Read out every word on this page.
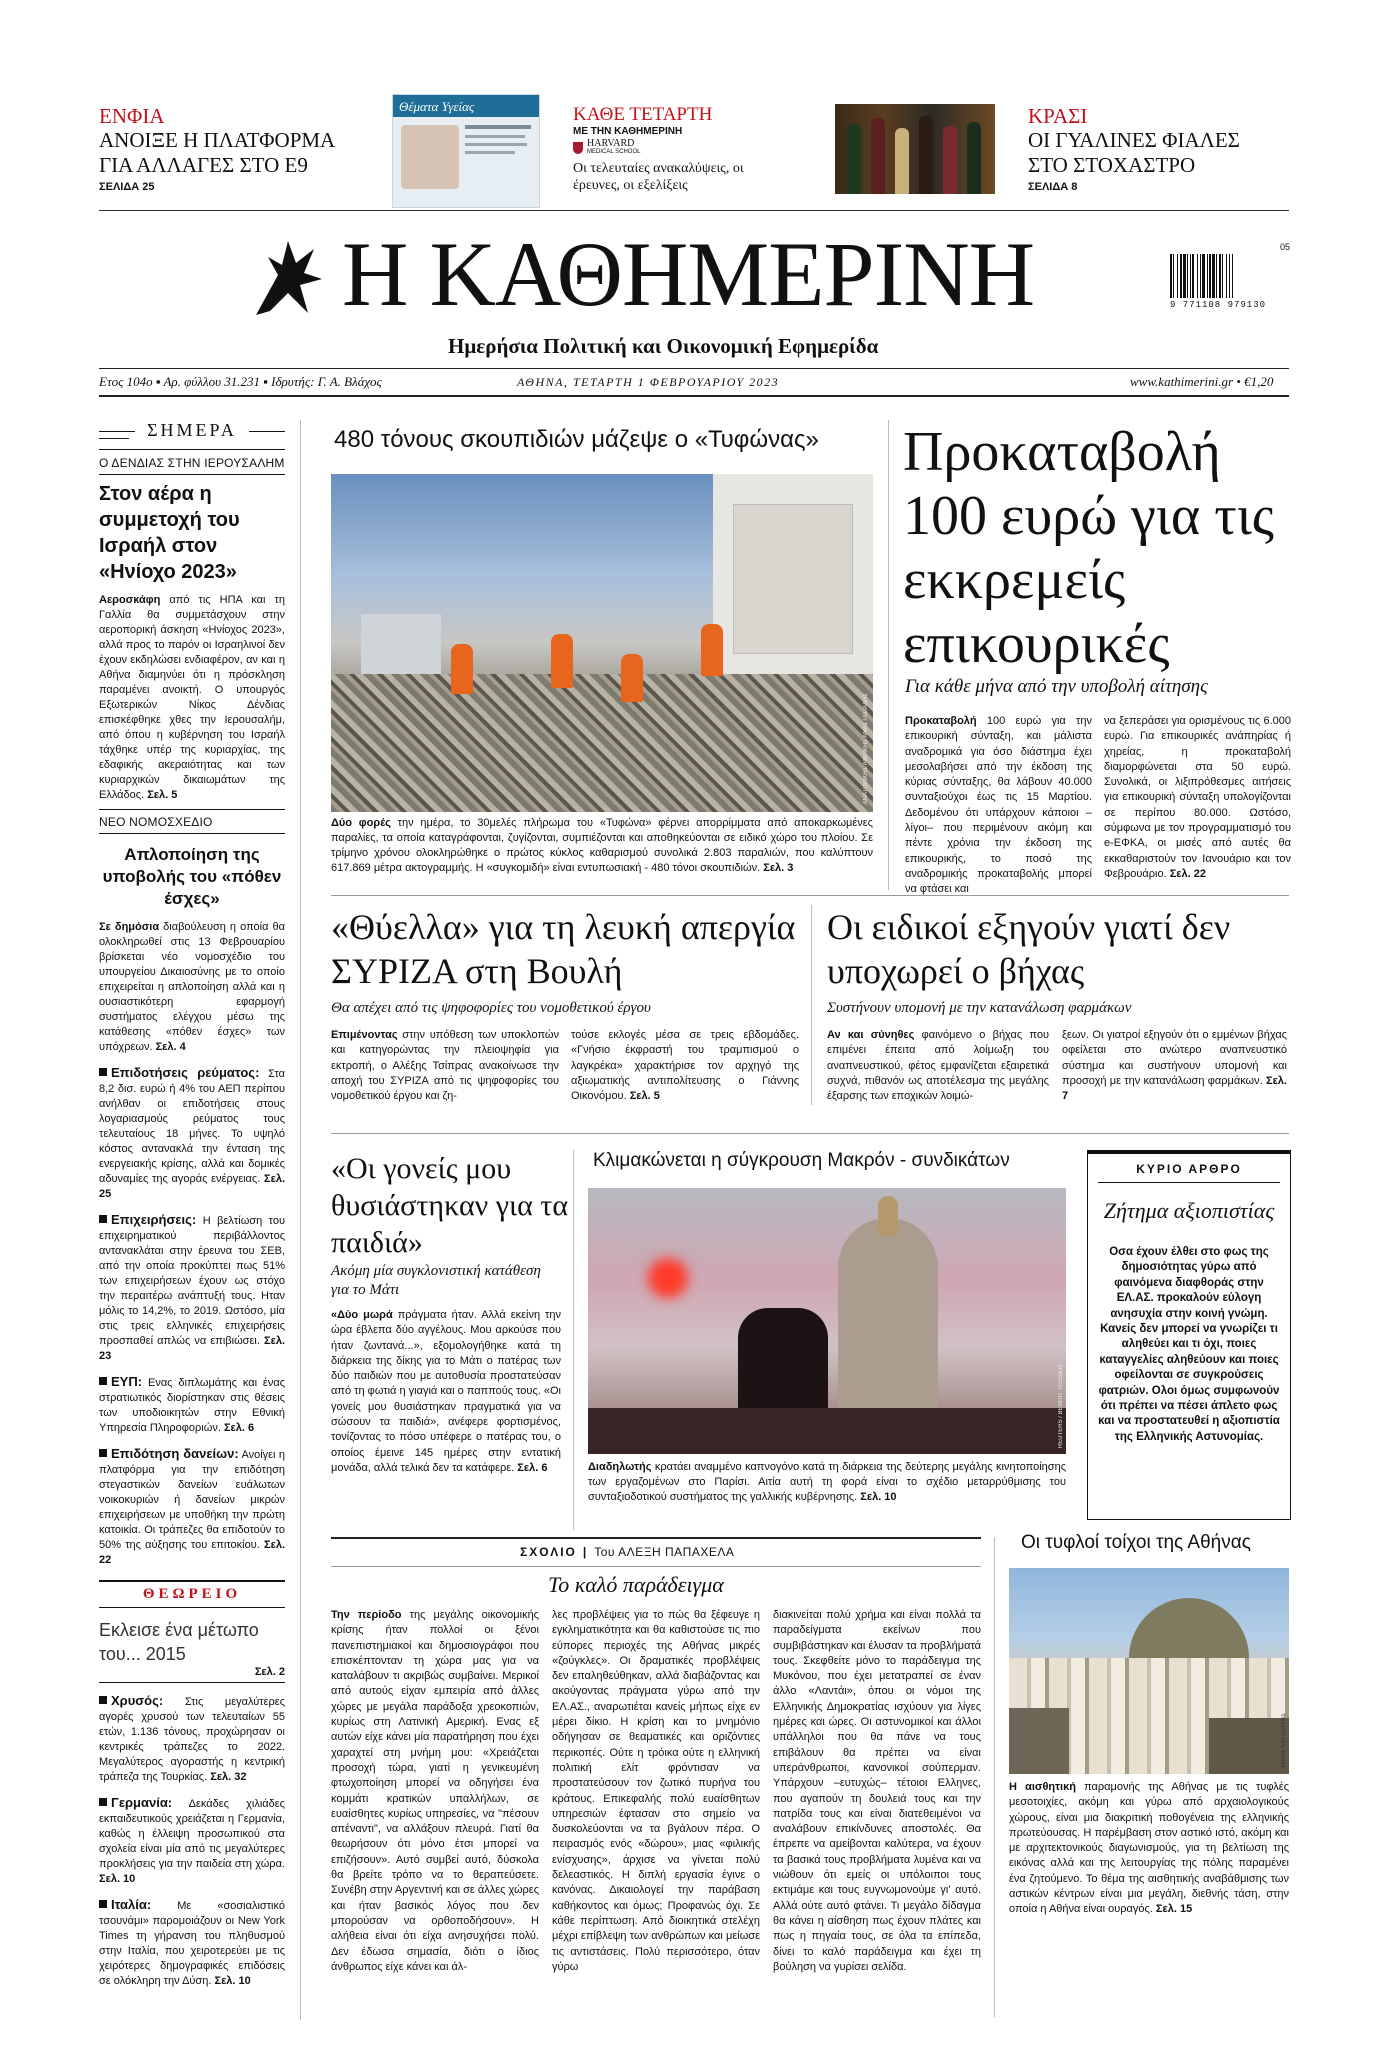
ΕΝΦΙΑ
ΑΝΟΙΞΕ Η ΠΛΑΤΦΟΡΜΑ ΓΙΑ ΑΛΛΑΓΕΣ ΣΤΟ Ε9
ΣΕΛΙΔΑ 25
Θέματα Υγείας	ΚΑΘΕ ΤΕΤΑΡΤΗ
ΜΕ ΤΗΝ ΚΑΘΗΜΕΡΙΝΗ
HARVARD
MEDICAL SCHOOL
Οι τελευταίες ανακαλύψεις, οι έρευνες, οι εξελίξεις
ΚΡΑΣΙ
ΟΙ ΓΥΑΛΙΝΕΣ ΦΙΑΛΕΣ ΣΤΟ ΣΤΟΧΑΣΤΡΟ
ΣΕΛΙΔΑ 8
Η ΚΑΘΗΜΕΡΙΝΗ
Ημερήσια Πολιτική και Οικονομική Εφημερίδα
05
9 771108 979130
Ετος 104ο ▪ Αρ. φύλλου 31.231 ▪ Ιδρυτής: Γ. Α. Βλάχος	ΑΘΗΝΑ, ΤΕΤΑΡΤΗ 1 ΦΕΒΡΟΥΑΡΙΟΥ 2023	www.kathimerini.gr • €1,20
ΣΗΜΕΡΑ
Ο ΔΕΝΔΙΑΣ ΣΤΗΝ ΙΕΡΟΥΣΑΛΗΜ
Στον αέρα η συμμετοχή του Ισραήλ στον «Ηνίοχο 2023»
Αεροσκάφη από τις ΗΠΑ και τη Γαλλία θα συμμετάσχουν στην αεροπορική άσκηση «Ηνίοχος 2023», αλλά προς το παρόν οι Ισραηλινοί δεν έχουν εκδηλώσει ενδιαφέρον, αν και η Αθήνα διαμηνύει ότι η πρόσκληση παραμένει ανοικτή. Ο υπουργός Εξωτερικών Νίκος Δένδιας επισκέφθηκε χθες την Ιερουσαλήμ, από όπου η κυβέρνηση του Ισραήλ τάχθηκε υπέρ της κυριαρχίας, της εδαφικής ακεραιότητας και των κυριαρχικών δικαιωμάτων της Ελλάδος. Σελ. 5
ΝΕΟ ΝΟΜΟΣΧΕΔΙΟ
Απλοποίηση της υποβολής του «πόθεν έσχες»
Σε δημόσια διαβούλευση η οποία θα ολοκληρωθεί στις 13 Φεβρουαρίου βρίσκεται νέο νομοσχέδιο του υπουργείου Δικαιοσύνης με το οποίο επιχειρείται η απλοποίηση αλλά και η ουσιαστικότερη εφαρμογή συστήματος ελέγχου μέσω της κατάθεσης «πόθεν έσχες» των υπόχρεων. Σελ. 4
Επιδοτήσεις ρεύματος: Στα 8,2 δισ. ευρώ ή 4% του ΑΕΠ περίπου ανήλθαν οι επιδοτήσεις στους λογαριασμούς ρεύματος τους τελευταίους 18 μήνες. Το υψηλό κόστος αντανακλά την ένταση της ενεργειακής κρίσης, αλλά και δομικές αδυναμίες της αγοράς ενέργειας. Σελ. 25
Επιχειρήσεις: Η βελτίωση του επιχειρηματικού περιβάλλοντος αντανακλάται στην έρευνα του ΣΕΒ, από την οποία προκύπτει πως 51% των επιχειρήσεων έχουν ως στόχο την περαιτέρω ανάπτυξή τους. Ηταν μόλις το 14,2%, το 2019. Ωστόσο, μία στις τρεις ελληνικές επιχειρήσεις προσπαθεί απλώς να επιβιώσει. Σελ. 23
ΕΥΠ: Ενας διπλωμάτης και ένας στρατιωτικός διορίστηκαν στις θέσεις των υποδιοικητών στην Εθνική Υπηρεσία Πληροφοριών. Σελ. 6
Επιδότηση δανείων: Ανοίγει η πλατφόρμα για την επιδότηση στεγαστικών δανείων ευάλωτων νοικοκυριών ή δανείων μικρών επιχειρήσεων με υποθήκη την πρώτη κατοικία. Οι τράπεζες θα επιδοτούν το 50% της αύξησης του επιτοκίου. Σελ. 22
ΘΕΩΡΕΙΟ
Εκλεισε ένα μέτωπο του... 2015
Σελ. 2
Χρυσός: Στις μεγαλύτερες αγορές χρυσού των τελευταίων 55 ετών, 1.136 τόνους, προχώρησαν οι κεντρικές τράπεζες το 2022. Μεγαλύτερος αγοραστής η κεντρική τράπεζα της Τουρκίας. Σελ. 32
Γερμανία: Δεκάδες χιλιάδες εκπαιδευτικούς χρειάζεται η Γερμανία, καθώς η έλλειψη προσωπικού στα σχολεία είναι μία από τις μεγαλύτερες προκλήσεις για την παιδεία στη χώρα. Σελ. 10
Ιταλία: Με «σοσιαλιστικό τσουνάμι» παρομοιάζουν οι New York Times τη γήρανση του πληθυσμού στην Ιταλία, που χειροτερεύει με τις χειρότερες δημογραφικές επιδόσεις σε ολόκληρη την Δύση. Σελ. 10
480 τόνους σκουπιδιών μάζεψε ο «Τυφώνας»
ΑΝΑΤΟΛΙΚΗΣ ΑΦΡΙΚΗΣ ΑΝΑΣΤΑΣΙΑΔΗΣ
Δύο φορές την ημέρα, το 30μελές πλήρωμα του «Τυφώνα» φέρνει απορρίμματα από αποκαρκωμένες παραλίες, τα οποία καταγράφονται, ζυγίζονται, συμπιέζονται και αποθηκεύονται σε ειδικό χώρο του πλοίου. Σε τρίμηνο χρόνου ολοκληρώθηκε ο πρώτος κύκλος καθαρισμού συνολικά 2.803 παραλιών, που καλύπτουν 617.869 μέτρα ακτογραμμής. Η «συγκομιδή» είναι εντυπωσιακή - 480 τόνοι σκουπιδιών. Σελ. 3
Προκαταβολή 100 ευρώ για τις εκκρεμείς επικουρικές
Για κάθε μήνα από την υποβολή αίτησης
Προκαταβολή 100 ευρώ για την επικουρική σύνταξη, και μάλιστα αναδρομικά για όσο διάστημα έχει μεσολαβήσει από την έκδοση της κύριας σύνταξης, θα λάβουν 40.000 συνταξιούχοι έως τις 15 Μαρτίου. Δεδομένου ότι υπάρχουν κάποιοι –λίγοι– που περιμένουν ακόμη και πέντε χρόνια την έκδοση της επικουρικής, το ποσό της αναδρομικής προκαταβολής μπορεί να φτάσει και
να ξεπεράσει για ορισμένους τις 6.000 ευρώ. Για επικουρικές ανάπηρίας ή χηρείας, η προκαταβολή διαμορφώνεται στα 50 ευρώ. Συνολικά, οι λιξιπρόθεσμες αιτήσεις για επικουρική σύνταξη υπολογίζονται σε περίπου 80.000. Ωστόσο, σύμφωνα με τον προγραμματισμό του e-ΕΦΚΑ, οι μισές από αυτές θα εκκαθαριστούν τον Ιανουάριο και τον Φεβρουάριο. Σελ. 22
«Θύελλα» για τη λευκή απεργία ΣΥΡΙΖΑ στη Βουλή
Θα απέχει από τις ψηφοφορίες του νομοθετικού έργου
Επιμένοντας στην υπόθεση των υποκλοπών και κατηγορώντας την πλειοψηφία για εκτροπή, ο Αλέξης Τσίπρας ανακοίνωσε την αποχή του ΣΥΡΙΖΑ από τις ψηφοφορίες του νομοθετικού έργου και ζη-
τούσε εκλογές μέσα σε τρεις εβδομάδες. «Γνήσιο έκφραστή του τραμπισμού ο λαγκρέκα» χαρακτήρισε τον αρχηγό της αξιωματικής αντιπολίτευσης ο Γιάννης Οικονόμου. Σελ. 5
Οι ειδικοί εξηγούν γιατί δεν υποχωρεί ο βήχας
Συστήνουν υπομονή με την κατανάλωση φαρμάκων
Αν και σύνηθες φαινόμενο ο βήχας που επιμένει έπειτα από λοίμωξη του αναπνευστικού, φέτος εμφανίζεται εξαιρετικά συχνά, πιθανόν ως αποτέλεσμα της μεγάλης έξαρσης των εποχικών λοιμώ-
ξεων. Οι γιατροί εξηγούν ότι ο εμμένων βήχας οφείλεται στο ανώτερο αναπνευστικό σύστημα και συστήνουν υπομονή και προσοχή με την κατανάλωση φαρμάκων. Σελ. 7
«Οι γονείς μου θυσιάστηκαν για τα παιδιά»
Ακόμη μία συγκλονιστική κατάθεση για το Μάτι
«Δύο μωρά πράγματα ήταν. Αλλά εκείνη την ώρα έβλεπα δύο αγγέλους. Μου αρκούσε που ήταν ζωντανά...», εξομολογήθηκε κατά τη διάρκεια της δίκης για το Μάτι ο πατέρας των δύο παιδιών που με αυτοθυσία προστατεύσαν από τη φωτιά η γιαγιά και ο παππούς τους. «Οι γονείς μου θυσιάστηκαν πραγματικά για να σώσουν τα παιδιά», ανέφερε φορτισμένος, τονίζοντας το πόσο υπέφερε ο πατέρας του, ο οποίος έμεινε 145 ημέρες στην εντατική μονάδα, αλλά τελικά δεν τα κατάφερε. Σελ. 6
Κλιμακώνεται η σύγκρουση Μακρόν - συνδικάτων
REUTERS / BENOIT TESSIER
Διαδηλωτής κρατάει αναμμένο καπνογόνο κατά τη διάρκεια της δεύτερης μεγάλης κινητοποίησης των εργαζομένων στο Παρίσι. Αιτία αυτή τη φορά είναι το σχέδιο μεταρρύθμισης του συνταξιοδοτικού συστήματος της γαλλικής κυβέρνησης. Σελ. 10
ΚΥΡΙΟ ΑΡΘΡΟ
Ζήτημα αξιοπιστίας
Οσα έχουν έλθει στο φως της δημοσιότητας γύρω από φαινόμενα διαφθοράς στην ΕΛ.ΑΣ. προκαλούν εύλογη ανησυχία στην κοινή γνώμη. Κανείς δεν μπορεί να γνωρίζει τι αληθεύει και τι όχι, ποιες καταγγελίες αληθεύουν και ποιες οφείλονται σε συγκρούσεις φατριών. Ολοι όμως συμφωνούν ότι πρέπει να πέσει άπλετο φως και να προστατευθεί η αξιοπιστία της Ελληνικής Αστυνομίας.
ΣΧΟΛΙΟ | Του ΑΛΕΞΗ ΠΑΠΑΧΕΛΑ
Το καλό παράδειγμα
Την περίοδο της μεγάλης οικονομικής κρίσης ήταν πολλοί οι ξένοι πανεπιστημιακοί και δημοσιογράφοι που επισκέπτονταν τη χώρα μας για να καταλάβουν τι ακριβώς συμβαίνει. Μερικοί από αυτούς είχαν εμπειρία από άλλες χώρες με μεγάλα παράδοξα χρεοκοπιών, κυρίως στη Λατινική Αμερική. Ενας εξ αυτών είχε κάνει μία παρατήρηση που έχει χαραχτεί στη μνήμη μου: «Χρειάζεται προσοχή τώρα, γιατί η γενικευμένη φτωχοποίηση μπορεί να οδηγήσει ένα κομμάτι κρατικών υπαλλήλων, σε ευαίσθητες κυρίως υπηρεσίες, να "πέσουν απέναντι", να αλλάξουν πλευρά. Γιατί θα θεωρήσουν ότι μόνο έτσι μπορεί να επιζήσουν». Αυτό συμβεί αυτό, δύσκολα θα βρείτε τρόπο να το θεραπεύσετε. Συνέβη στην Αργεντινή και σε άλλες χώρες και ήταν βασικός λόγος που δεν μπορούσαν να ορθοποδήσουν». Η αλήθεια είναι ότι είχα ανησυχήσει πολύ. Δεν έδωσα σημασία, διότι ο ίδιος άνθρωπος είχε κάνει και άλ-
λες προβλέψεις για το πώς θα ξέφευγε η εγκληματικότητα και θα καθιστούσε τις πιο εύπορες περιοχές της Αθήνας μικρές «ζούγκλες». Οι δραματικές προβλέψεις δεν επαληθεύθηκαν, αλλά διαβάζοντας και ακούγοντας πράγματα γύρω από την ΕΛ.ΑΣ., αναρωτιέται κανείς μήπως είχε εν μέρει δίκιο. Η κρίση και το μνημόνιο οδήγησαν σε θεαματικές και οριζόντιες περικοπές. Ούτε η τρόικα ούτε η ελληνική πολιτική ελίτ φρόντισαν να προστατεύσουν τον ζωτικό πυρήνα του κράτους. Επικεφαλής πολύ ευαίσθητων υπηρεσιών έφτασαν στο σημείο να δυσκολεύονται να τα βγάλουν πέρα. Ο πειρασμός ενός «δώρου», μιας «φιλικής ενίσχυσης», άρχισε να γίνεται πολύ δελεαστικός. Η διπλή εργασία έγινε ο κανόνας. Δικαιολογεί την παράβαση καθήκοντος και όμως; Προφανώς όχι. Σε κάθε περίπτωση. Από διοικητικά στελέχη μέχρι επίβλεψη των ανθρώπων και μείωσε τις αντιστάσεις. Πολύ περισσότερο, όταν γύρω
διακινείται πολύ χρήμα και είναι πολλά τα παραδείγματα εκείνων που συμβιβάστηκαν και έλυσαν τα προβλήματά τους. Σκεφθείτε μόνο το παράδειγμα της Μυκόνου, που έχει μετατραπεί σε έναν άλλο «Λαντάι», όπου οι νόμοι της Ελληνικής Δημοκρατίας ισχύουν για λίγες ημέρες και ώρες. Οι αστυνομικοί και άλλοι υπάλληλοι που θα πάνε να τους επιβάλουν θα πρέπει να είναι υπεράνθρωποι, κανονικοί σούπερμαν. Υπάρχουν –ευτυχώς– τέτοιοι Ελληνες, που αγαπούν τη δουλειά τους και την πατρίδα τους και είναι διατεθειμένοι να αναλάβουν επικίνδυνες αποστολές. Θα έπρεπε να αμείβονται καλύτερα, να έχουν τα βασικά τους προβλήματα λυμένα και να νιώθουν ότι εμείς οι υπόλοιποι τους εκτιμάμε και τους ευγνωμονούμε γι' αυτό. Αλλά ούτε αυτό φτάνει. Τι μεγάλο δίδαγμα θα κάνει η αίσθηση πως έχουν πλάτες και πως η πηγαία τους, σε όλα τα επίπεδα, δίνει το καλό παράδειγμα και έχει τη βούληση να γυρίσει σελίδα.
Οι τυφλοί τοίχοι της Αθήνας
ΝΙΚΟΣ ΚΑΤΣΟΥΡΑΣ
Η αισθητική παραμονής της Αθήνας με τις τυφλές μεσοτοιχίες, ακόμη και γύρω από αρχαιολογικούς χώρους, είναι μια διακριτική ποθογένεια της ελληνικής πρωτεύουσας. Η παρέμβαση στον αστικό ιστό, ακόμη και με αρχιτεκτονικούς διαγωνισμούς, για τη βελτίωση της εικόνας αλλά και της λειτουργίας της πόλης παραμένει ένα ζητούμενο. Το θέμα της αισθητικής αναβάθμισης των αστικών κέντρων είναι μια μεγάλη, διεθνής τάση, στην οποία η Αθήνα είναι ουραγός. Σελ. 15
